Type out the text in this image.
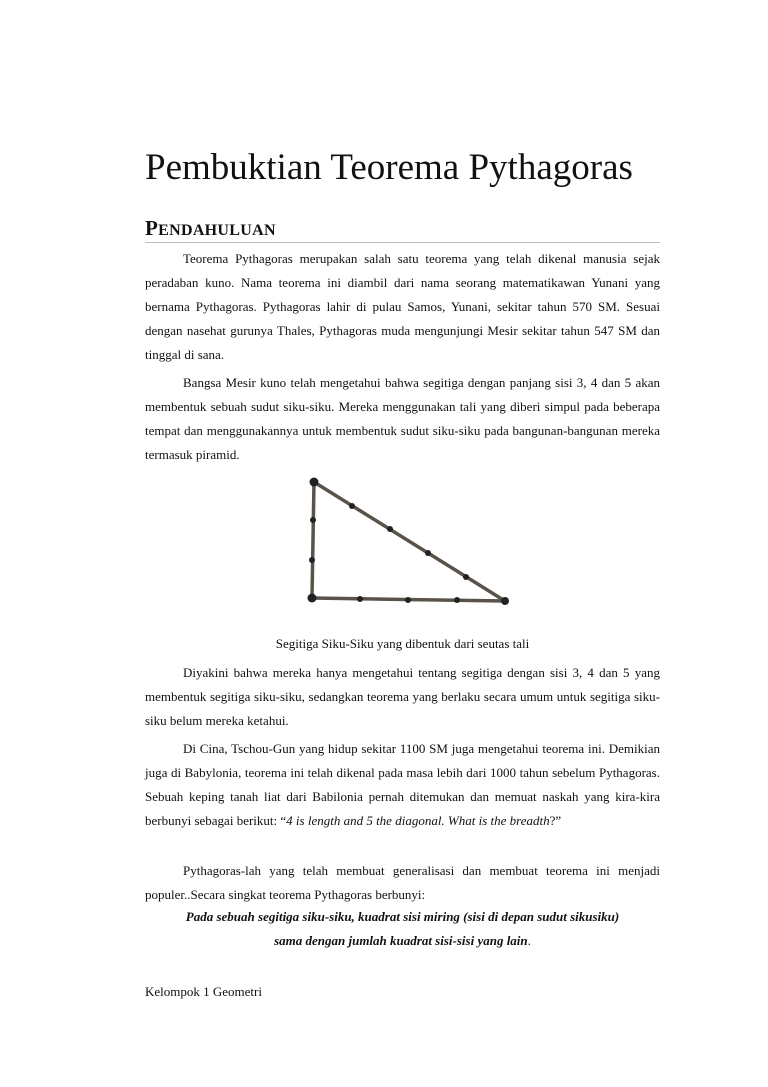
Pembuktian Teorema Pythagoras
PENDAHULUAN

Teorema Pythagoras merupakan salah satu teorema yang telah dikenal manusia sejak peradaban kuno. Nama teorema ini diambil dari nama seorang matematikawan Yunani yang bernama Pythagoras. Pythagoras lahir di pulau Samos, Yunani, sekitar tahun 570 SM. Sesuai dengan nasehat gurunya Thales, Pythagoras muda mengunjungi Mesir sekitar tahun 547 SM dan tinggal di sana.

Bangsa Mesir kuno telah mengetahui bahwa segitiga dengan panjang sisi 3, 4 dan 5 akan membentuk sebuah sudut siku-siku. Mereka menggunakan tali yang diberi simpul pada beberapa tempat dan menggunakannya untuk membentuk sudut siku-siku pada bangunan-bangunan mereka termasuk piramid.

Segitiga Siku-Siku yang dibentuk dari seutas tali

Diyakini bahwa mereka hanya mengetahui tentang segitiga dengan sisi 3, 4 dan 5 yang membentuk segitiga siku-siku, sedangkan teorema yang berlaku secara umum untuk segitiga siku-siku belum mereka ketahui.

Di Cina, Tschou-Gun yang hidup sekitar 1100 SM juga mengetahui teorema ini. Demikian juga di Babylonia, teorema ini telah dikenal pada masa lebih dari 1000 tahun sebelum Pythagoras. Sebuah keping tanah liat dari Babilonia pernah ditemukan dan memuat naskah yang kira-kira berbunyi sebagai berikut: “4 is length and 5 the diagonal. What is the breadth?”

Pythagoras-lah yang telah membuat generalisasi dan membuat teorema ini menjadi populer..Secara singkat teorema Pythagoras berbunyi:

Pada sebuah segitiga siku-siku, kuadrat sisi miring (sisi di depan sudut sikusiku)
sama dengan jumlah kuadrat sisi-sisi yang lain.
Kelompok 1 Geometri
